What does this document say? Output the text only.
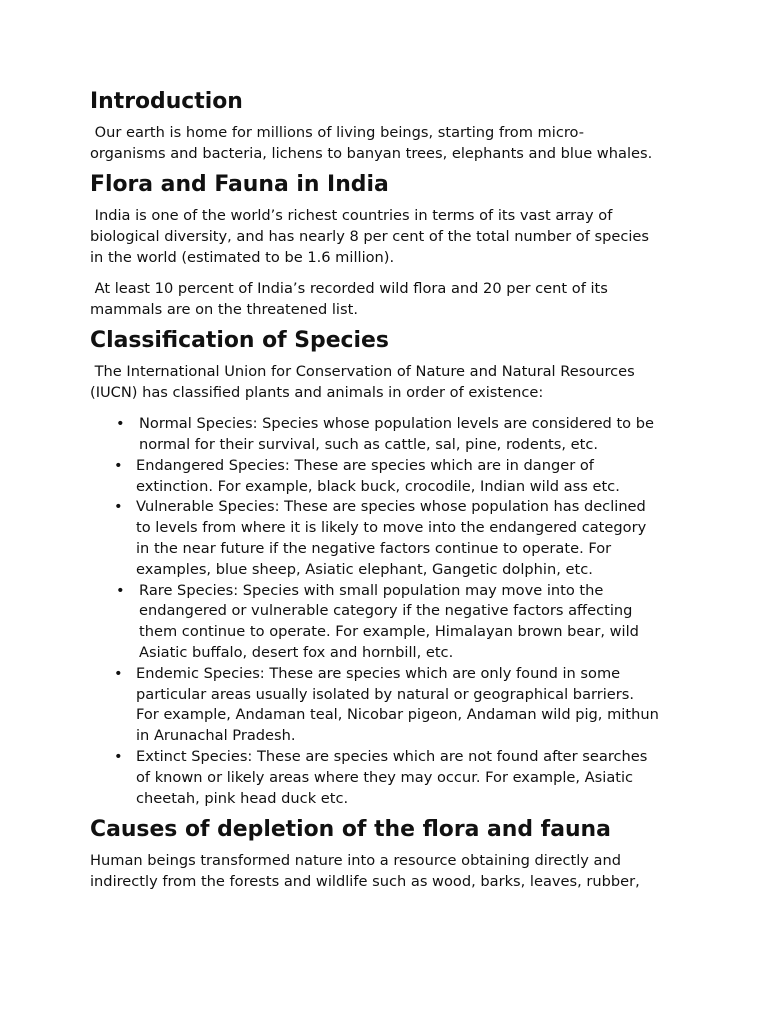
Introduction

Our earth is home for millions of living beings, starting from micro-
organisms and bacteria, lichens to banyan trees, elephants and blue whales.

Flora and Fauna in India

India is one of the world’s richest countries in terms of its vast array of
biological diversity, and has nearly 8 per cent of the total number of species
in the world (estimated to be 1.6 million).

At least 10 percent of India’s recorded wild flora and 20 per cent of its
mammals are on the threatened list.

Classification of Species

The International Union for Conservation of Nature and Natural Resources
(IUCN) has classified plants and animals in order of existence:

• Normal Species: Species whose population levels are considered to be
normal for their survival, such as cattle, sal, pine, rodents, etc.
• Endangered Species: These are species which are in danger of
extinction. For example, black buck, crocodile, Indian wild ass etc.
• Vulnerable Species: These are species whose population has declined
to levels from where it is likely to move into the endangered category
in the near future if the negative factors continue to operate. For
examples, blue sheep, Asiatic elephant, Gangetic dolphin, etc.
• Rare Species: Species with small population may move into the
endangered or vulnerable category if the negative factors affecting
them continue to operate. For example, Himalayan brown bear, wild
Asiatic buffalo, desert fox and hornbill, etc.
• Endemic Species: These are species which are only found in some
particular areas usually isolated by natural or geographical barriers.
For example, Andaman teal, Nicobar pigeon, Andaman wild pig, mithun
in Arunachal Pradesh.
• Extinct Species: These are species which are not found after searches
of known or likely areas where they may occur. For example, Asiatic
cheetah, pink head duck etc.
Causes of depletion of the flora and fauna

Human beings transformed nature into a resource obtaining directly and
indirectly from the forests and wildlife such as wood, barks, leaves, rubber,
